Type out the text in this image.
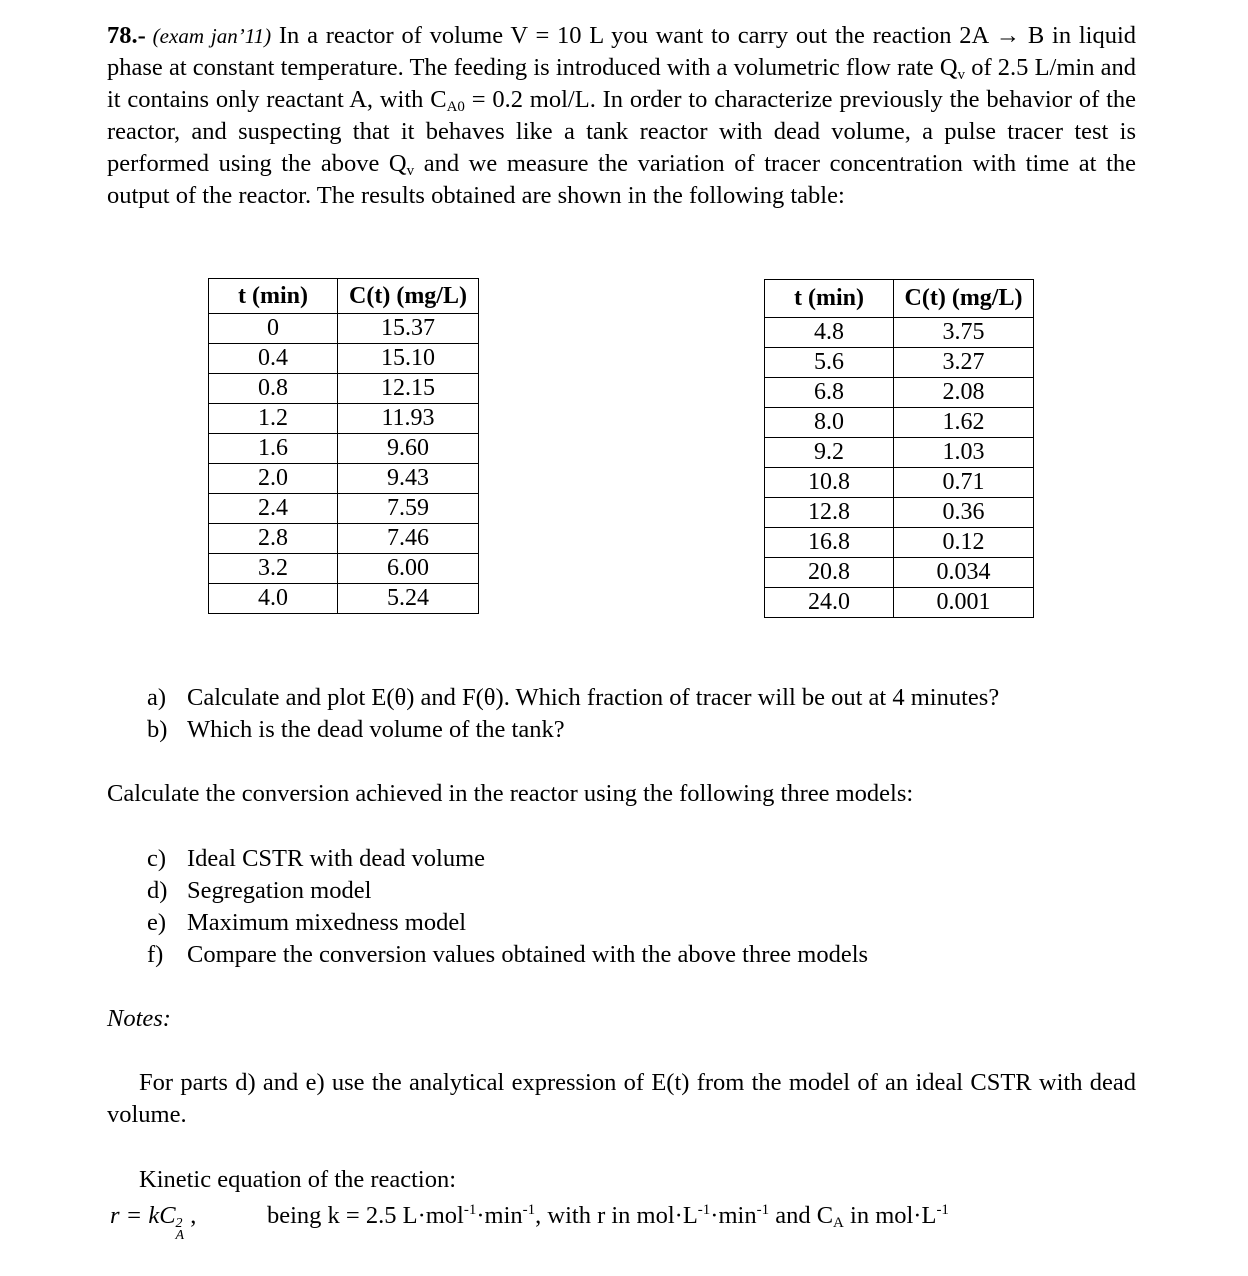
78.- (exam jan’11) In a reactor of volume V = 10 L you want to carry out the reaction 2A → B in liquid phase at constant temperature. The feeding is introduced with a volumetric flow rate $Q_v$ of 2.5 L/min and it contains only reactant A, with $C_{A0} = 0.2$ mol/L. In order to characterize previously the behavior of the reactor, and suspecting that it behaves like a tank reactor with dead volume, a pulse tracer test is performed using the above $Q_v$ and we measure the variation of tracer concentration with time at the output of the reactor. The results obtained are shown in the following table:
t (min)	C(t) (mg/L)
0	15.37
0.4	15.10
0.8	12.15
1.2	11.93
1.6	9.60
2.0	9.43
2.4	7.59
2.8	7.46
3.2	6.00
4.0	5.24
t (min)	C(t) (mg/L)
4.8	3.75
5.6	3.27
6.8	2.08
8.0	1.62
9.2	1.03
10.8	0.71
12.8	0.36
16.8	0.12
20.8	0.034
24.0	0.001
a) Calculate and plot E(θ) and F(θ). Which fraction of tracer will be out at 4 minutes?
b) Which is the dead volume of the tank?
Calculate the conversion achieved in the reactor using the following three models:
c) Ideal CSTR with dead volume
d) Segregation model
e) Maximum mixedness model
f) Compare the conversion values obtained with the above three models
Notes:
For parts d) and e) use the analytical expression of E(t) from the model of an ideal CSTR with dead volume.
Kinetic equation of the reaction:
r = kC 2
A
,	being k = 2.5 $L\cdot mol^{-1}\cdot\min^{-1}$, with r in $mol\cdot L^{-1}\cdot\min^{-1}$ and $C_A$ in $mol\cdot L^{-1}$
